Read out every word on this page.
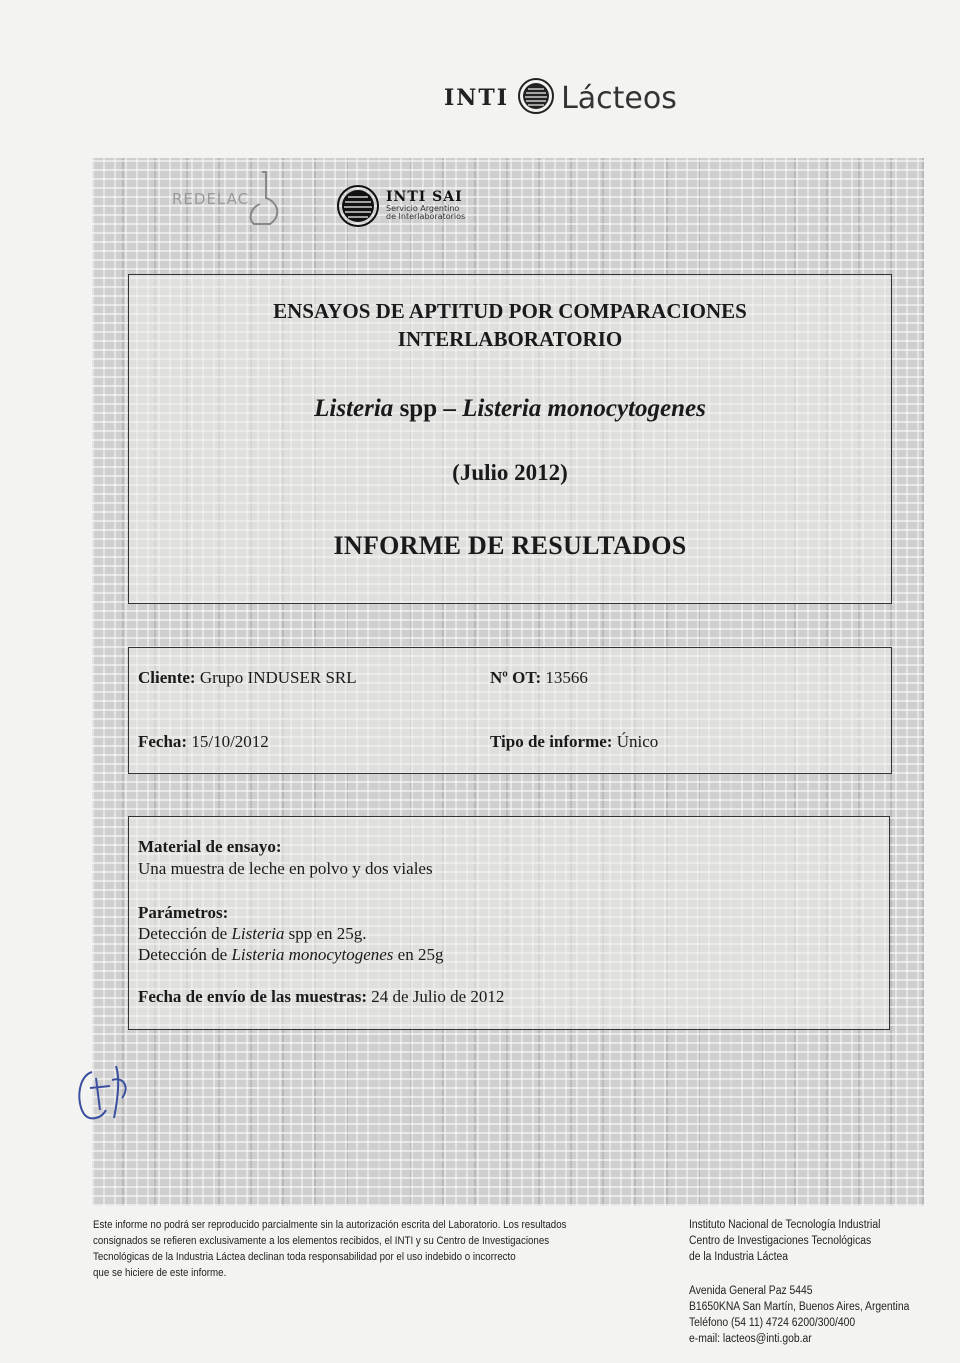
INTI Lácteos
REDELAC	INTI SAI
Servicio Argentino
de Interlaboratorios
ENSAYOS DE APTITUD POR COMPARACIONES
INTERLABORATORIO
Listeria spp – Listeria monocytogenes
(Julio 2012)
INFORME DE RESULTADOS
Cliente: Grupo INDUSER SRL	Nº OT: 13566
Fecha: 15/10/2012	Tipo de informe: Único
Material de ensayo:
Una muestra de leche en polvo y dos viales
Parámetros:
Detección de Listeria spp en 25g.
Detección de Listeria monocytogenes en 25g
Fecha de envío de las muestras: 24 de Julio de 2012
Este informe no podrá ser reproducido parcialmente sin la autorización escrita del Laboratorio. Los resultados
consignados se refieren exclusivamente a los elementos recibidos, el INTI y su Centro de Investigaciones
Tecnológicas de la Industria Láctea declinan toda responsabilidad por el uso indebido o incorrecto
que se hiciere de este informe.
Instituto Nacional de Tecnología Industrial
Centro de Investigaciones Tecnológicas
de la Industria Láctea
Avenida General Paz 5445
B1650KNA San Martín, Buenos Aires, Argentina
Teléfono (54 11) 4724 6200/300/400
e-mail: lacteos@inti.gob.ar
